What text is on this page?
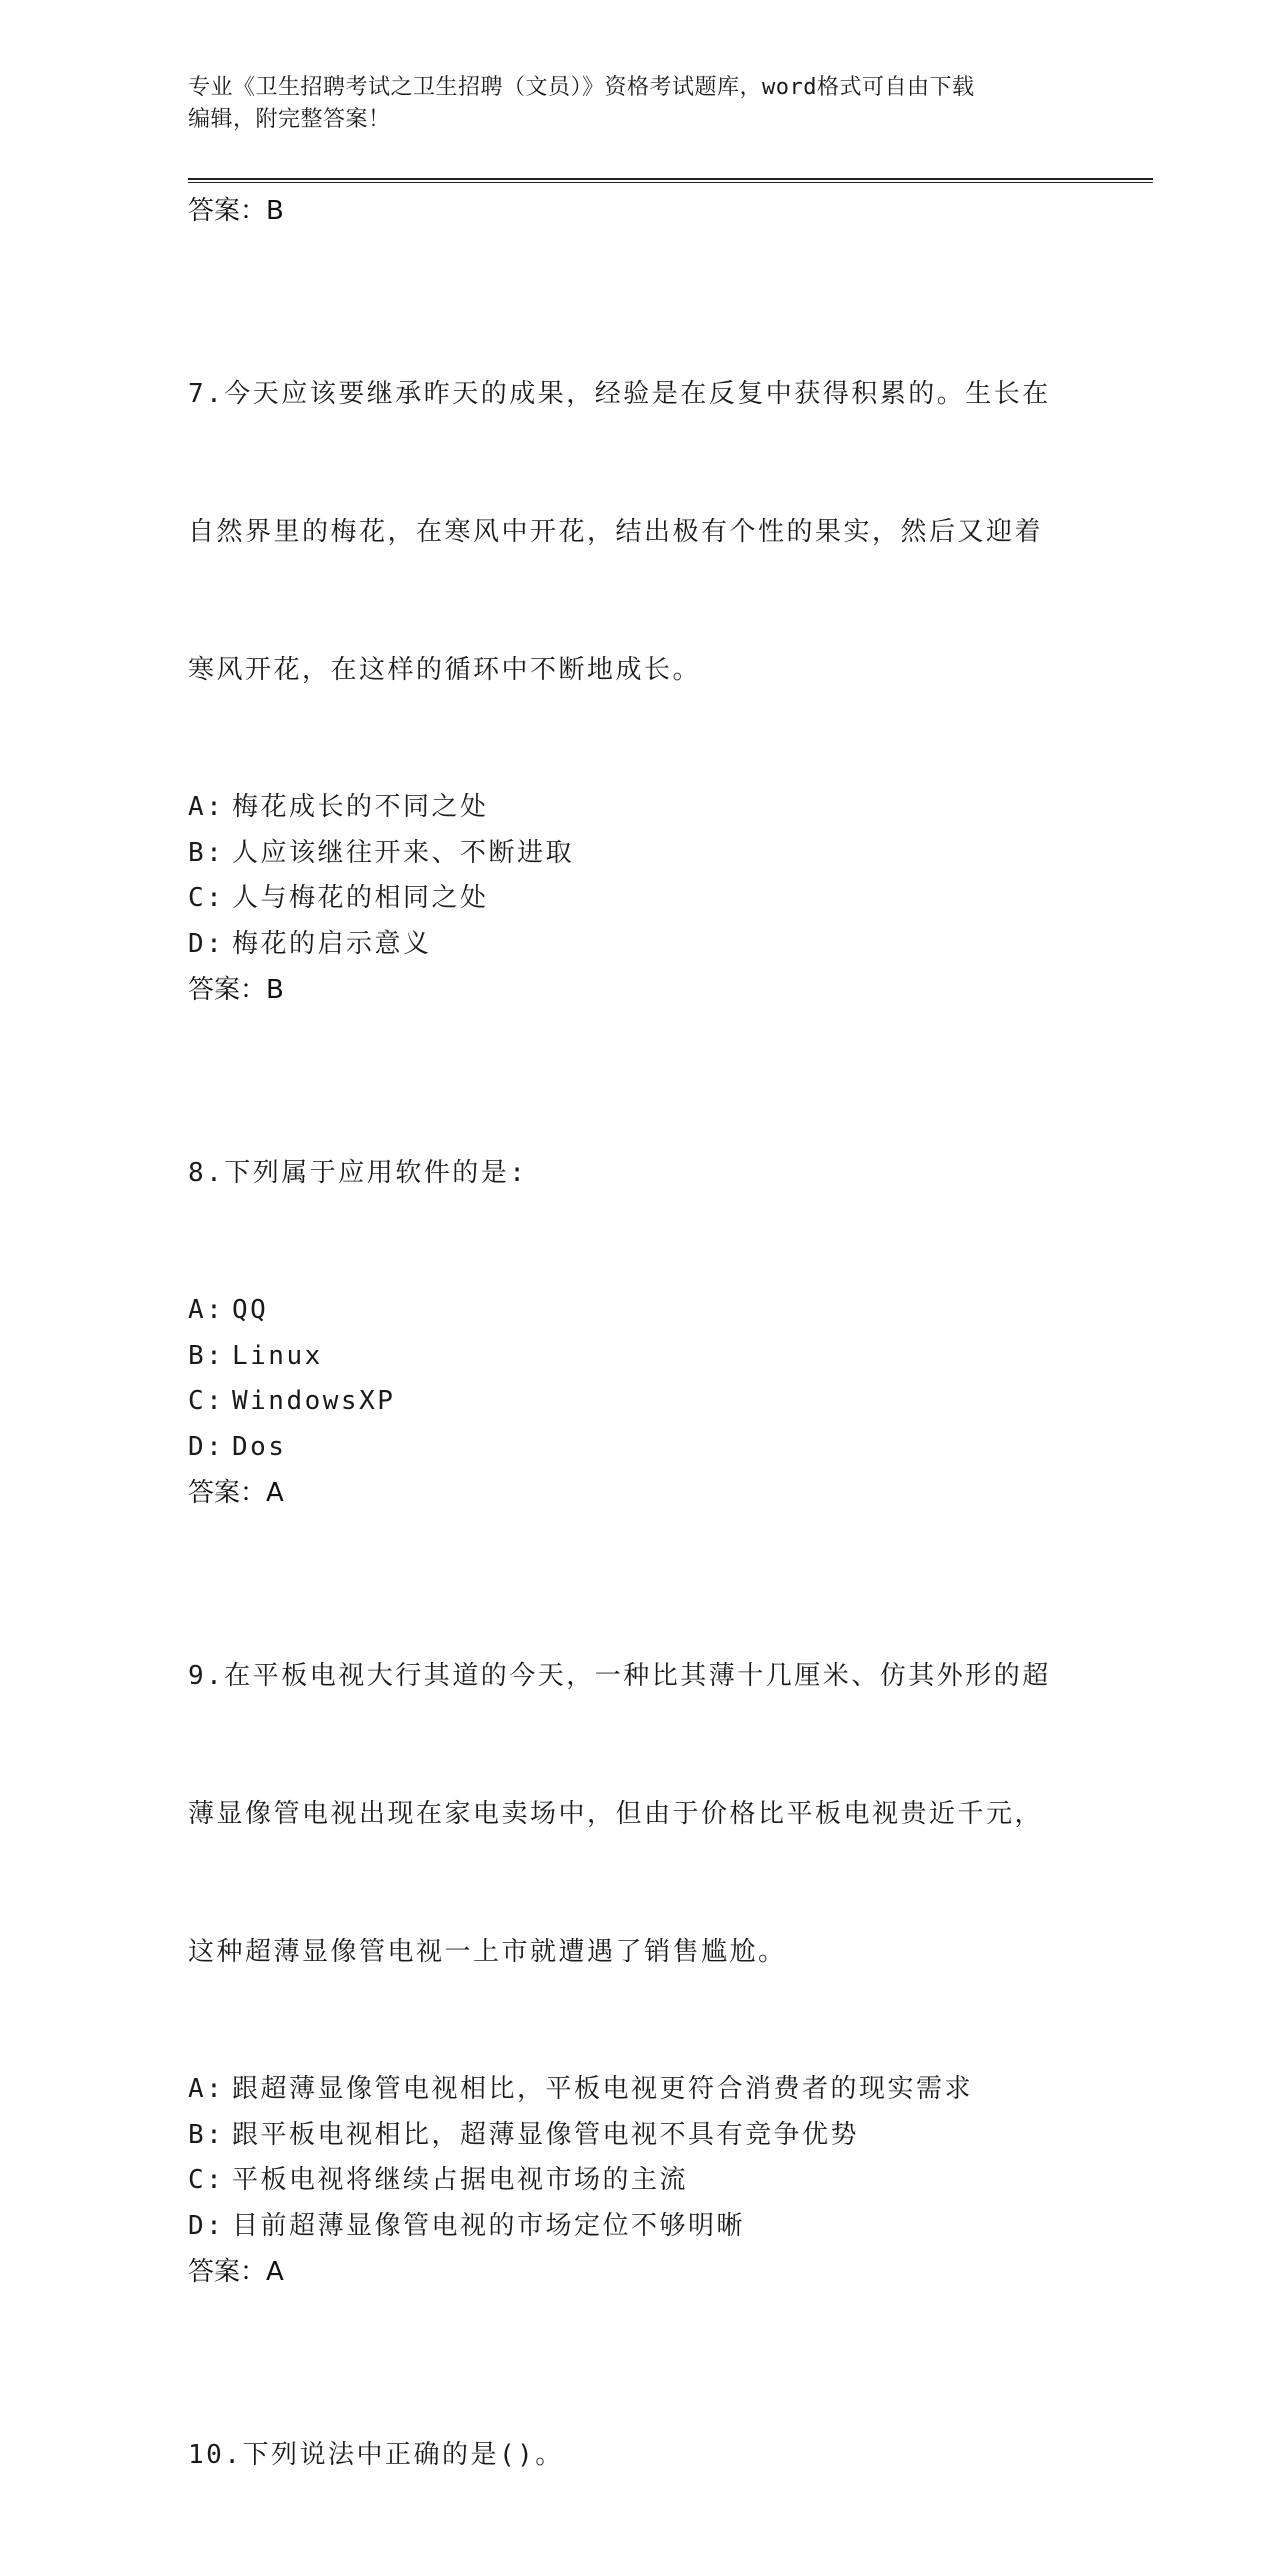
专业《卫生招聘考试之卫生招聘（文员）》资格考试题库，word格式可自由下载
编辑，附完整答案！
答案：B

7.今天应该要继承昨天的成果，经验是在反复中获得积累的。生长在

自然界里的梅花，在寒风中开花，结出极有个性的果实，然后又迎着

寒风开花，在这样的循环中不断地成长。

A: 梅花成长的不同之处
B: 人应该继往开来、不断进取
C: 人与梅花的相同之处
D: 梅花的启示意义
答案：B

8.下列属于应用软件的是:

A: QQ
B: Linux
C: WindowsXP
D: Dos
答案：A

9.在平板电视大行其道的今天，一种比其薄十几厘米、仿其外形的超

薄显像管电视出现在家电卖场中，但由于价格比平板电视贵近千元，

这种超薄显像管电视一上市就遭遇了销售尴尬。

A: 跟超薄显像管电视相比，平板电视更符合消费者的现实需求
B: 跟平板电视相比，超薄显像管电视不具有竞争优势
C: 平板电视将继续占据电视市场的主流
D: 目前超薄显像管电视的市场定位不够明晰
答案：A

10.下列说法中正确的是()。
